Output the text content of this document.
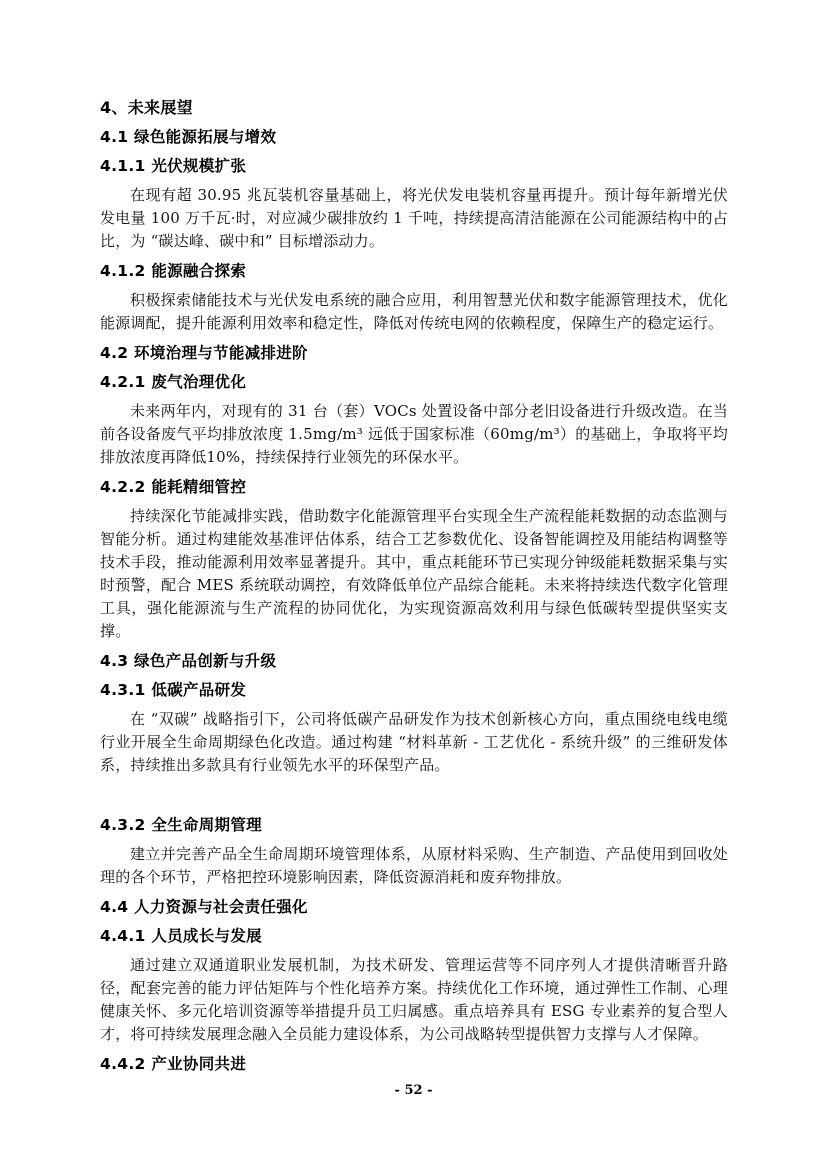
4、未来展望
4.1 绿色能源拓展与增效
4.1.1 光伏规模扩张
在现有超 30.95 兆瓦装机容量基础上，将光伏发电装机容量再提升。预计每年新增光伏发电量 100 万千瓦·时，对应减少碳排放约 1 千吨，持续提高清洁能源在公司能源结构中的占比，为 “碳达峰、碳中和” 目标增添动力。
4.1.2 能源融合探索
积极探索储能技术与光伏发电系统的融合应用，利用智慧光伏和数字能源管理技术，优化能源调配，提升能源利用效率和稳定性，降低对传统电网的依赖程度，保障生产的稳定运行。
4.2 环境治理与节能减排进阶
4.2.1 废气治理优化
未来两年内，对现有的 31 台（套）VOCs 处置设备中部分老旧设备进行升级改造。在当前各设备废气平均排放浓度 1.5mg/m³ 远低于国家标准（60mg/m³）的基础上，争取将平均排放浓度再降低10%，持续保持行业领先的环保水平。
4.2.2 能耗精细管控
持续深化节能减排实践，借助数字化能源管理平台实现全生产流程能耗数据的动态监测与智能分析。通过构建能效基准评估体系，结合工艺参数优化、设备智能调控及用能结构调整等技术手段，推动能源利用效率显著提升。其中，重点耗能环节已实现分钟级能耗数据采集与实时预警，配合 MES 系统联动调控，有效降低单位产品综合能耗。未来将持续迭代数字化管理工具，强化能源流与生产流程的协同优化，为实现资源高效利用与绿色低碳转型提供坚实支撑。
4.3 绿色产品创新与升级
4.3.1 低碳产品研发
在 “双碳” 战略指引下，公司将低碳产品研发作为技术创新核心方向，重点围绕电线电缆行业开展全生命周期绿色化改造。通过构建 “材料革新 - 工艺优化 - 系统升级” 的三维研发体系，持续推出多款具有行业领先水平的环保型产品。
4.3.2 全生命周期管理
建立并完善产品全生命周期环境管理体系，从原材料采购、生产制造、产品使用到回收处理的各个环节，严格把控环境影响因素，降低资源消耗和废弃物排放。
4.4 人力资源与社会责任强化
4.4.1 人员成长与发展
通过建立双通道职业发展机制，为技术研发、管理运营等不同序列人才提供清晰晋升路径，配套完善的能力评估矩阵与个性化培养方案。持续优化工作环境，通过弹性工作制、心理健康关怀、多元化培训资源等举措提升员工归属感。重点培养具有 ESG 专业素养的复合型人才，将可持续发展理念融入全员能力建设体系，为公司战略转型提供智力支撑与人才保障。
4.4.2 产业协同共进
- 52 -
